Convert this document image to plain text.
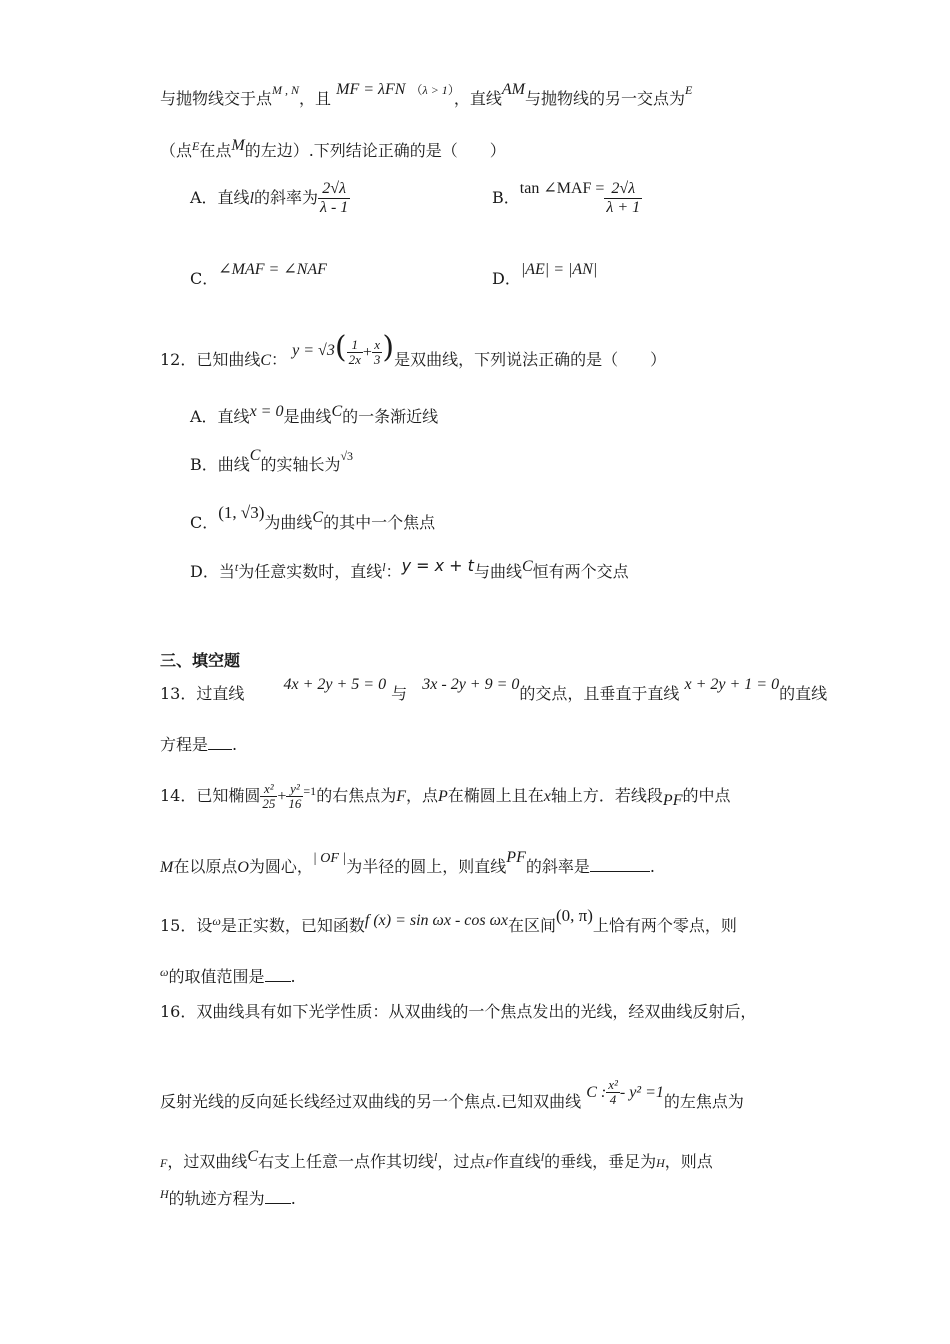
与抛物线交于点$^{M , N}$，且 MF = λFN $^{(\lambda > 1)}$，直线AM与抛物线的另一交点为$^E$
（点$^E$在点M的左边）.下列结论正确的是（　　）
A．直线l的斜率为 $\frac{2√\lambda}{\lambda - 1}$	B．tan ∠MAF = $\frac{2√\lambda}{\lambda + 1}$
C．∠MAF = ∠NAF	D．|AE| = |AN|
12．已知曲线C： $y = √3( \frac{1}{2x} + \frac{x}{3}$ )是双曲线，下列说法正确的是（　　）
A．直线x = 0是曲线C的一条渐近线
B．曲线C的实轴长为$^{√3}$
C．(1, √3)为曲线C的其中一个焦点
D．当$^t$为任意实数时，直线$^l$：y = x + t与曲线C恒有两个交点
三、填空题
13．过直线 4x + 2y + 5 = 0 与 3x - 2y + 9 = 0的交点，且垂直于直线 x + 2y + 1 = 0的直线
方程是 .
14．已知椭圆 $\frac{\text{x²}}{25} + \frac{\text{y²}}{16} ^{=1}$的右焦点为F，点P在椭圆上且在x轴上方．若线段PF的中点
M在以原点O为圆心，| OF |为半径的圆上，则直线PF的斜率是	.
15．设$^\omega$是正实数，已知函数f (x) = sin ωx - cos ωx在区间(0, π)上恰有两个零点，则
$^\omega$的取值范围是 .
16．双曲线具有如下光学性质：从双曲线的一个焦点发出的光线，经双曲线反射后，
反射光线的反向延长线经过双曲线的另一个焦点.已知双曲线 C : $\frac{\text{x²}}{4} - y^2 =1$的左焦点为
F，过双曲线C右支上任意一点作其切线$^l$，过点F作直线$^l$的垂线，垂足为H，则点
$^H$的轨迹方程为 .
